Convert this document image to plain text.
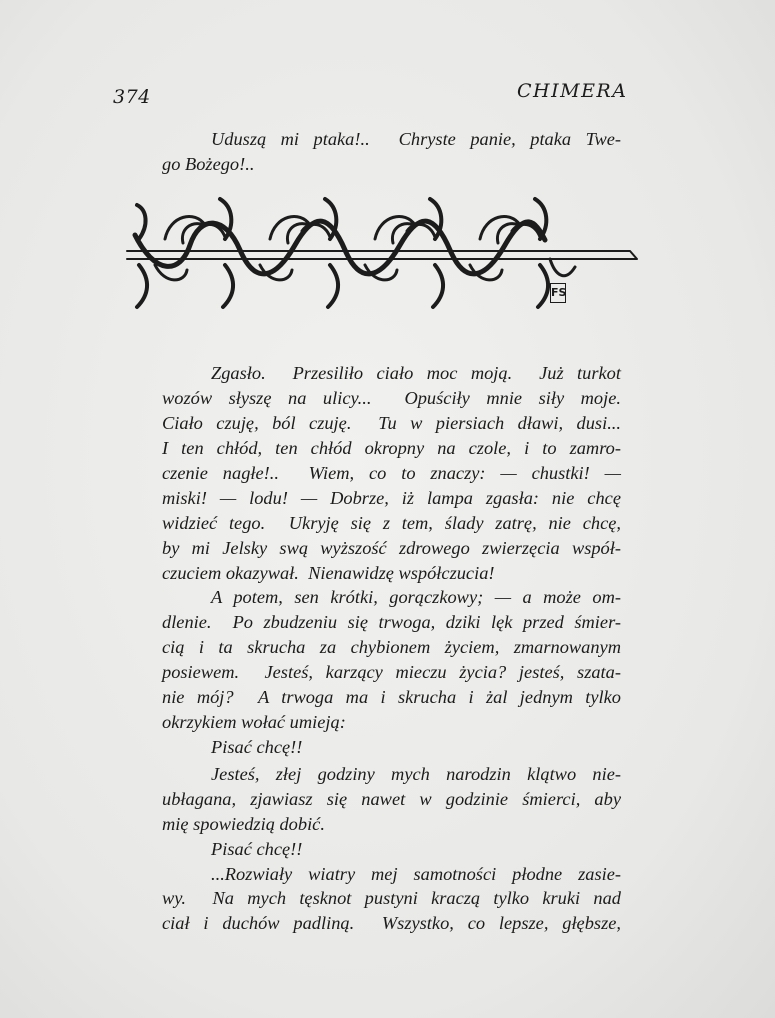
374	CHIMERA
FS
Uduszą mi ptaka!..  Chryste panie, ptaka Twe-
go Bożego!..
Zgasło.  Przesiliło ciało moc moją.  Już turkot
wozów słyszę na ulicy...  Opuściły mnie siły moje.
Ciało czuję, ból czuję.  Tu w piersiach dławi, dusi...
I ten chłód, ten chłód okropny na czole, i to zamro-
czenie nagłe!..  Wiem, co to znaczy: — chustki! —
miski! — lodu! — Dobrze, iż lampa zgasła: nie chcę
widzieć tego.  Ukryję się z tem, ślady zatrę, nie chcę,
by mi Jelsky swą wyższość zdrowego zwierzęcia współ-
czuciem okazywał.  Nienawidzę współczucia!
A potem, sen krótki, gorączkowy; — a może om-
dlenie.  Po zbudzeniu się trwoga, dziki lęk przed śmier-
cią i ta skrucha za chybionem życiem, zmarnowanym
posiewem.  Jesteś, karzący mieczu życia? jesteś, szata-
nie mój?  A trwoga ma i skrucha i żal jednym tylko
okrzykiem wołać umieją:
Pisać chcę!!
Jesteś, złej godziny mych narodzin klątwo nie-
ubłagana, zjawiasz się nawet w godzinie śmierci, aby
mię spowiedzią dobić.
Pisać chcę!!
...Rozwiały wiatry mej samotności płodne zasie-
wy.  Na mych tęsknot pustyni kraczą tylko kruki nad
ciał i duchów padliną.  Wszystko, co lepsze, głębsze,
